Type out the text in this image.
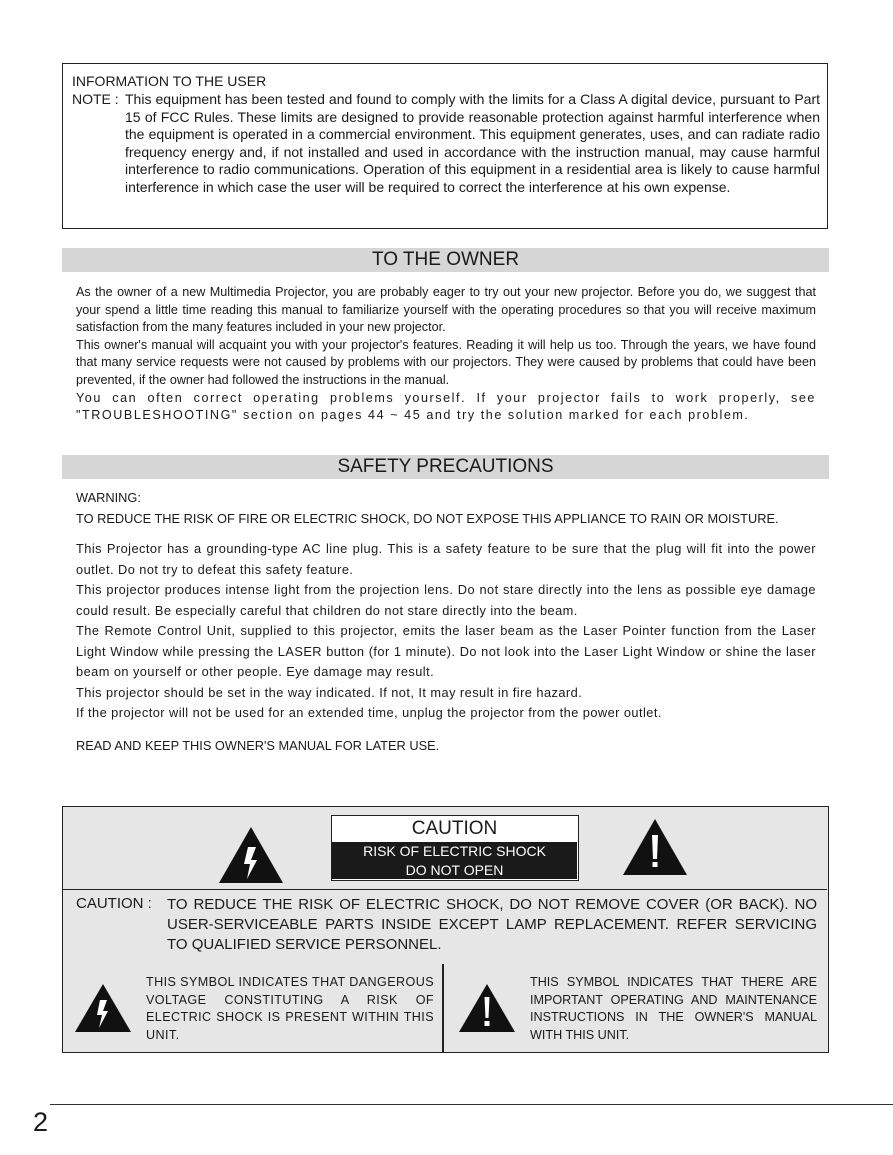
INFORMATION TO THE USER
NOTE : This equipment has been tested and found to comply with the limits for a Class A digital device, pursuant to Part 15 of FCC Rules. These limits are designed to provide reasonable protection against harmful interference when the equipment is operated in a commercial environment. This equipment generates, uses, and can radiate radio frequency energy and, if not installed and used in accordance with the instruction manual, may cause harmful interference to radio communications. Operation of this equipment in a residential area is likely to cause harmful interference in which case the user will be required to correct the interference at his own expense.
TO THE OWNER

As the owner of a new Multimedia Projector, you are probably eager to try out your new projector. Before you do, we suggest that your spend a little time reading this manual to familiarize yourself with the operating procedures so that you will receive maximum satisfaction from the many features included in your new projector.

This owner's manual will acquaint you with your projector's features. Reading it will help us too. Through the years, we have found that many service requests were not caused by problems with our projectors. They were caused by problems that could have been prevented, if the owner had followed the instructions in the manual.

You can often correct operating problems yourself. If your projector fails to work properly, see "TROUBLESHOOTING" section on pages 44 ~ 45 and try the solution marked for each problem.

SAFETY PRECAUTIONS

WARNING:

TO REDUCE THE RISK OF FIRE OR ELECTRIC SHOCK, DO NOT EXPOSE THIS APPLIANCE TO RAIN OR MOISTURE.

This Projector has a grounding-type AC line plug. This is a safety feature to be sure that the plug will fit into the power outlet. Do not try to defeat this safety feature.

This projector produces intense light from the projection lens. Do not stare directly into the lens as possible eye damage could result. Be especially careful that children do not stare directly into the beam.

The Remote Control Unit, supplied to this projector, emits the laser beam as the Laser Pointer function from the Laser Light Window while pressing the LASER button (for 1 minute). Do not look into the Laser Light Window or shine the laser beam on yourself or other people. Eye damage may result.

This projector should be set in the way indicated. If not, It may result in fire hazard.

If the projector will not be used for an extended time, unplug the projector from the power outlet.

READ AND KEEP THIS OWNER'S MANUAL FOR LATER USE.

CAUTION
RISK OF ELECTRIC SHOCK
DO NOT OPEN
CAUTION : TO REDUCE THE RISK OF ELECTRIC SHOCK, DO NOT REMOVE COVER (OR BACK). NO USER-SERVICEABLE PARTS INSIDE EXCEPT LAMP REPLACEMENT. REFER SERVICING TO QUALIFIED SERVICE PERSONNEL.
THIS SYMBOL INDICATES THAT DANGEROUS VOLTAGE CONSTITUTING A RISK OF ELECTRIC SHOCK IS PRESENT WITHIN THIS UNIT.
THIS SYMBOL INDICATES THAT THERE ARE IMPORTANT OPERATING AND MAINTENANCE INSTRUCTIONS IN THE OWNER'S MANUAL WITH THIS UNIT.
2
